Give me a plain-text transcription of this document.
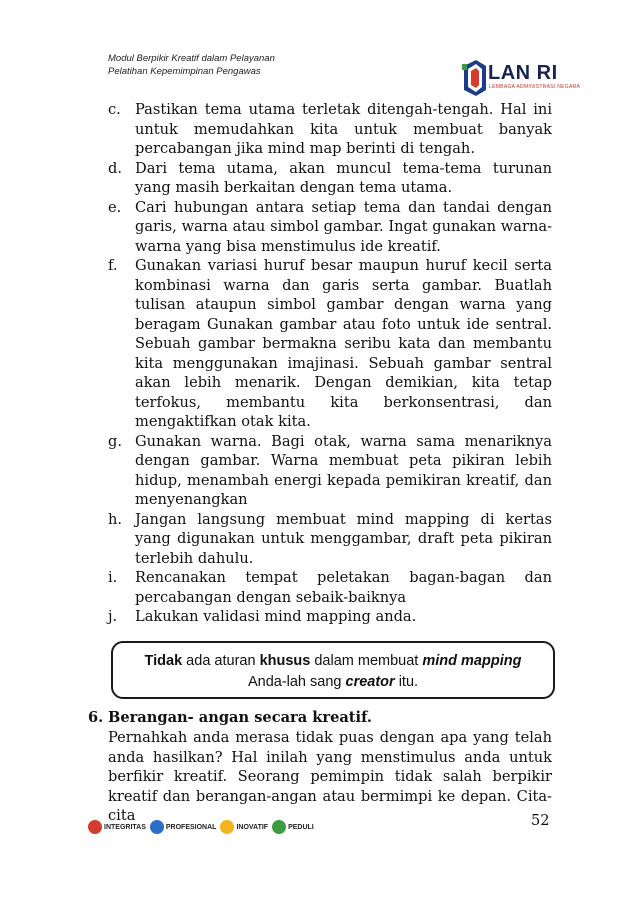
Modul Berpikir Kreatif dalam Pelayanan
Pelatihan Kepemimpinan Pengawas	LAN RI
LEMBAGA ADMINISTRASI NEGARA
c. Pastikan tema utama terletak ditengah-tengah. Hal ini untuk memudahkan kita untuk membuat banyak percabangan jika mind map berinti di tengah.
d. Dari tema utama, akan muncul tema-tema turunan yang masih berkaitan dengan tema utama.
e. Cari hubungan antara setiap tema dan tandai dengan garis, warna atau simbol gambar. Ingat gunakan warna-warna yang bisa menstimulus ide kreatif.
f. Gunakan variasi huruf besar maupun huruf kecil serta kombinasi warna dan garis serta gambar. Buatlah tulisan ataupun simbol gambar dengan warna yang beragam Gunakan gambar atau foto untuk ide sentral. Sebuah gambar bermakna seribu kata dan membantu kita menggunakan imajinasi. Sebuah gambar sentral akan lebih menarik. Dengan demikian, kita tetap terfokus, membantu kita berkonsentrasi, dan mengaktifkan otak kita.
g. Gunakan warna. Bagi otak, warna sama menariknya dengan gambar. Warna membuat peta pikiran lebih hidup, menambah energi kepada pemikiran kreatif, dan menyenangkan
h. Jangan langsung membuat mind mapping di kertas yang digunakan untuk menggambar, draft peta pikiran terlebih dahulu.
i. Rencanakan tempat peletakan bagan-bagan dan percabangan dengan sebaik-baiknya
j. Lakukan validasi mind mapping anda.
Tidak ada aturan khusus dalam membuat mind mapping
Anda-lah sang creator itu.
6. Berangan- angan secara kreatif.
Pernahkah anda merasa tidak puas dengan apa yang telah anda hasilkan? Hal inilah yang menstimulus anda untuk berfikir kreatif. Seorang pemimpin tidak salah berpikir kreatif dan berangan-angan atau bermimpi ke depan. Cita-cita
INTEGRITAS	PROFESIONAL	INOVATIF	PEDULI	52
